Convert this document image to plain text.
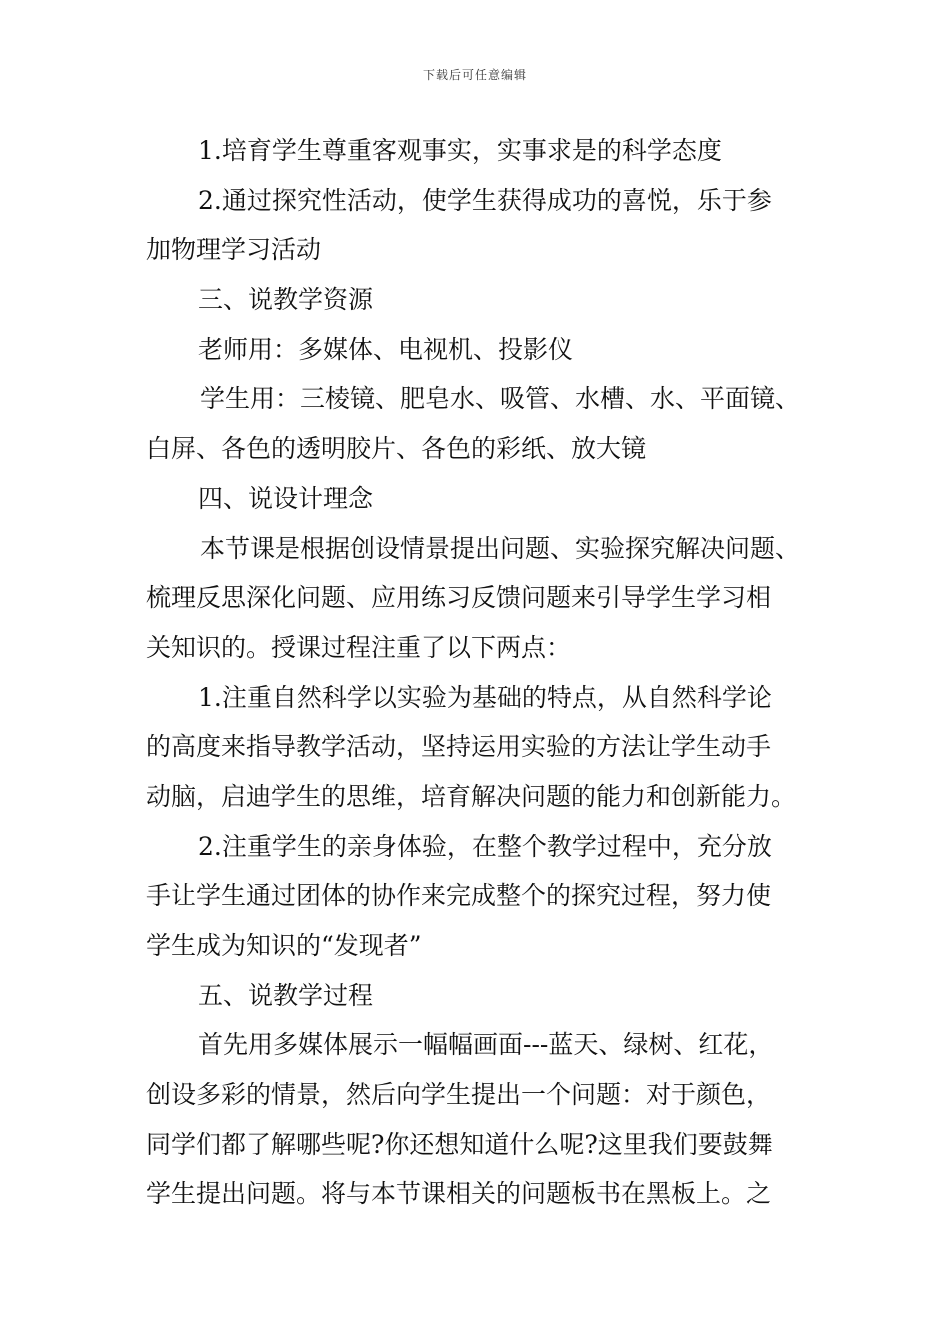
下载后可任意编辑
1.培育学生尊重客观事实，实事求是的科学态度
2.通过探究性活动，使学生获得成功的喜悦，乐于参
加物理学习活动
三、说教学资源
老师用：多媒体、电视机、投影仪
学生用：三棱镜、肥皂水、吸管、水槽、水、平面镜、
白屏、各色的透明胶片、各色的彩纸、放大镜
四、说设计理念
本节课是根据创设情景提出问题、实验探究解决问题、
梳理反思深化问题、应用练习反馈问题来引导学生学习相
关知识的。授课过程注重了以下两点：
1.注重自然科学以实验为基础的特点，从自然科学论
的高度来指导教学活动，坚持运用实验的方法让学生动手
动脑，启迪学生的思维，培育解决问题的能力和创新能力。
2.注重学生的亲身体验，在整个教学过程中，充分放
手让学生通过团体的协作来完成整个的探究过程，努力使
学生成为知识的“发现者”
五、说教学过程
首先用多媒体展示一幅幅画面---蓝天、绿树、红花，
创设多彩的情景，然后向学生提出一个问题：对于颜色，
同学们都了解哪些呢?你还想知道什么呢?这里我们要鼓舞
学生提出问题。将与本节课相关的问题板书在黑板上。之
